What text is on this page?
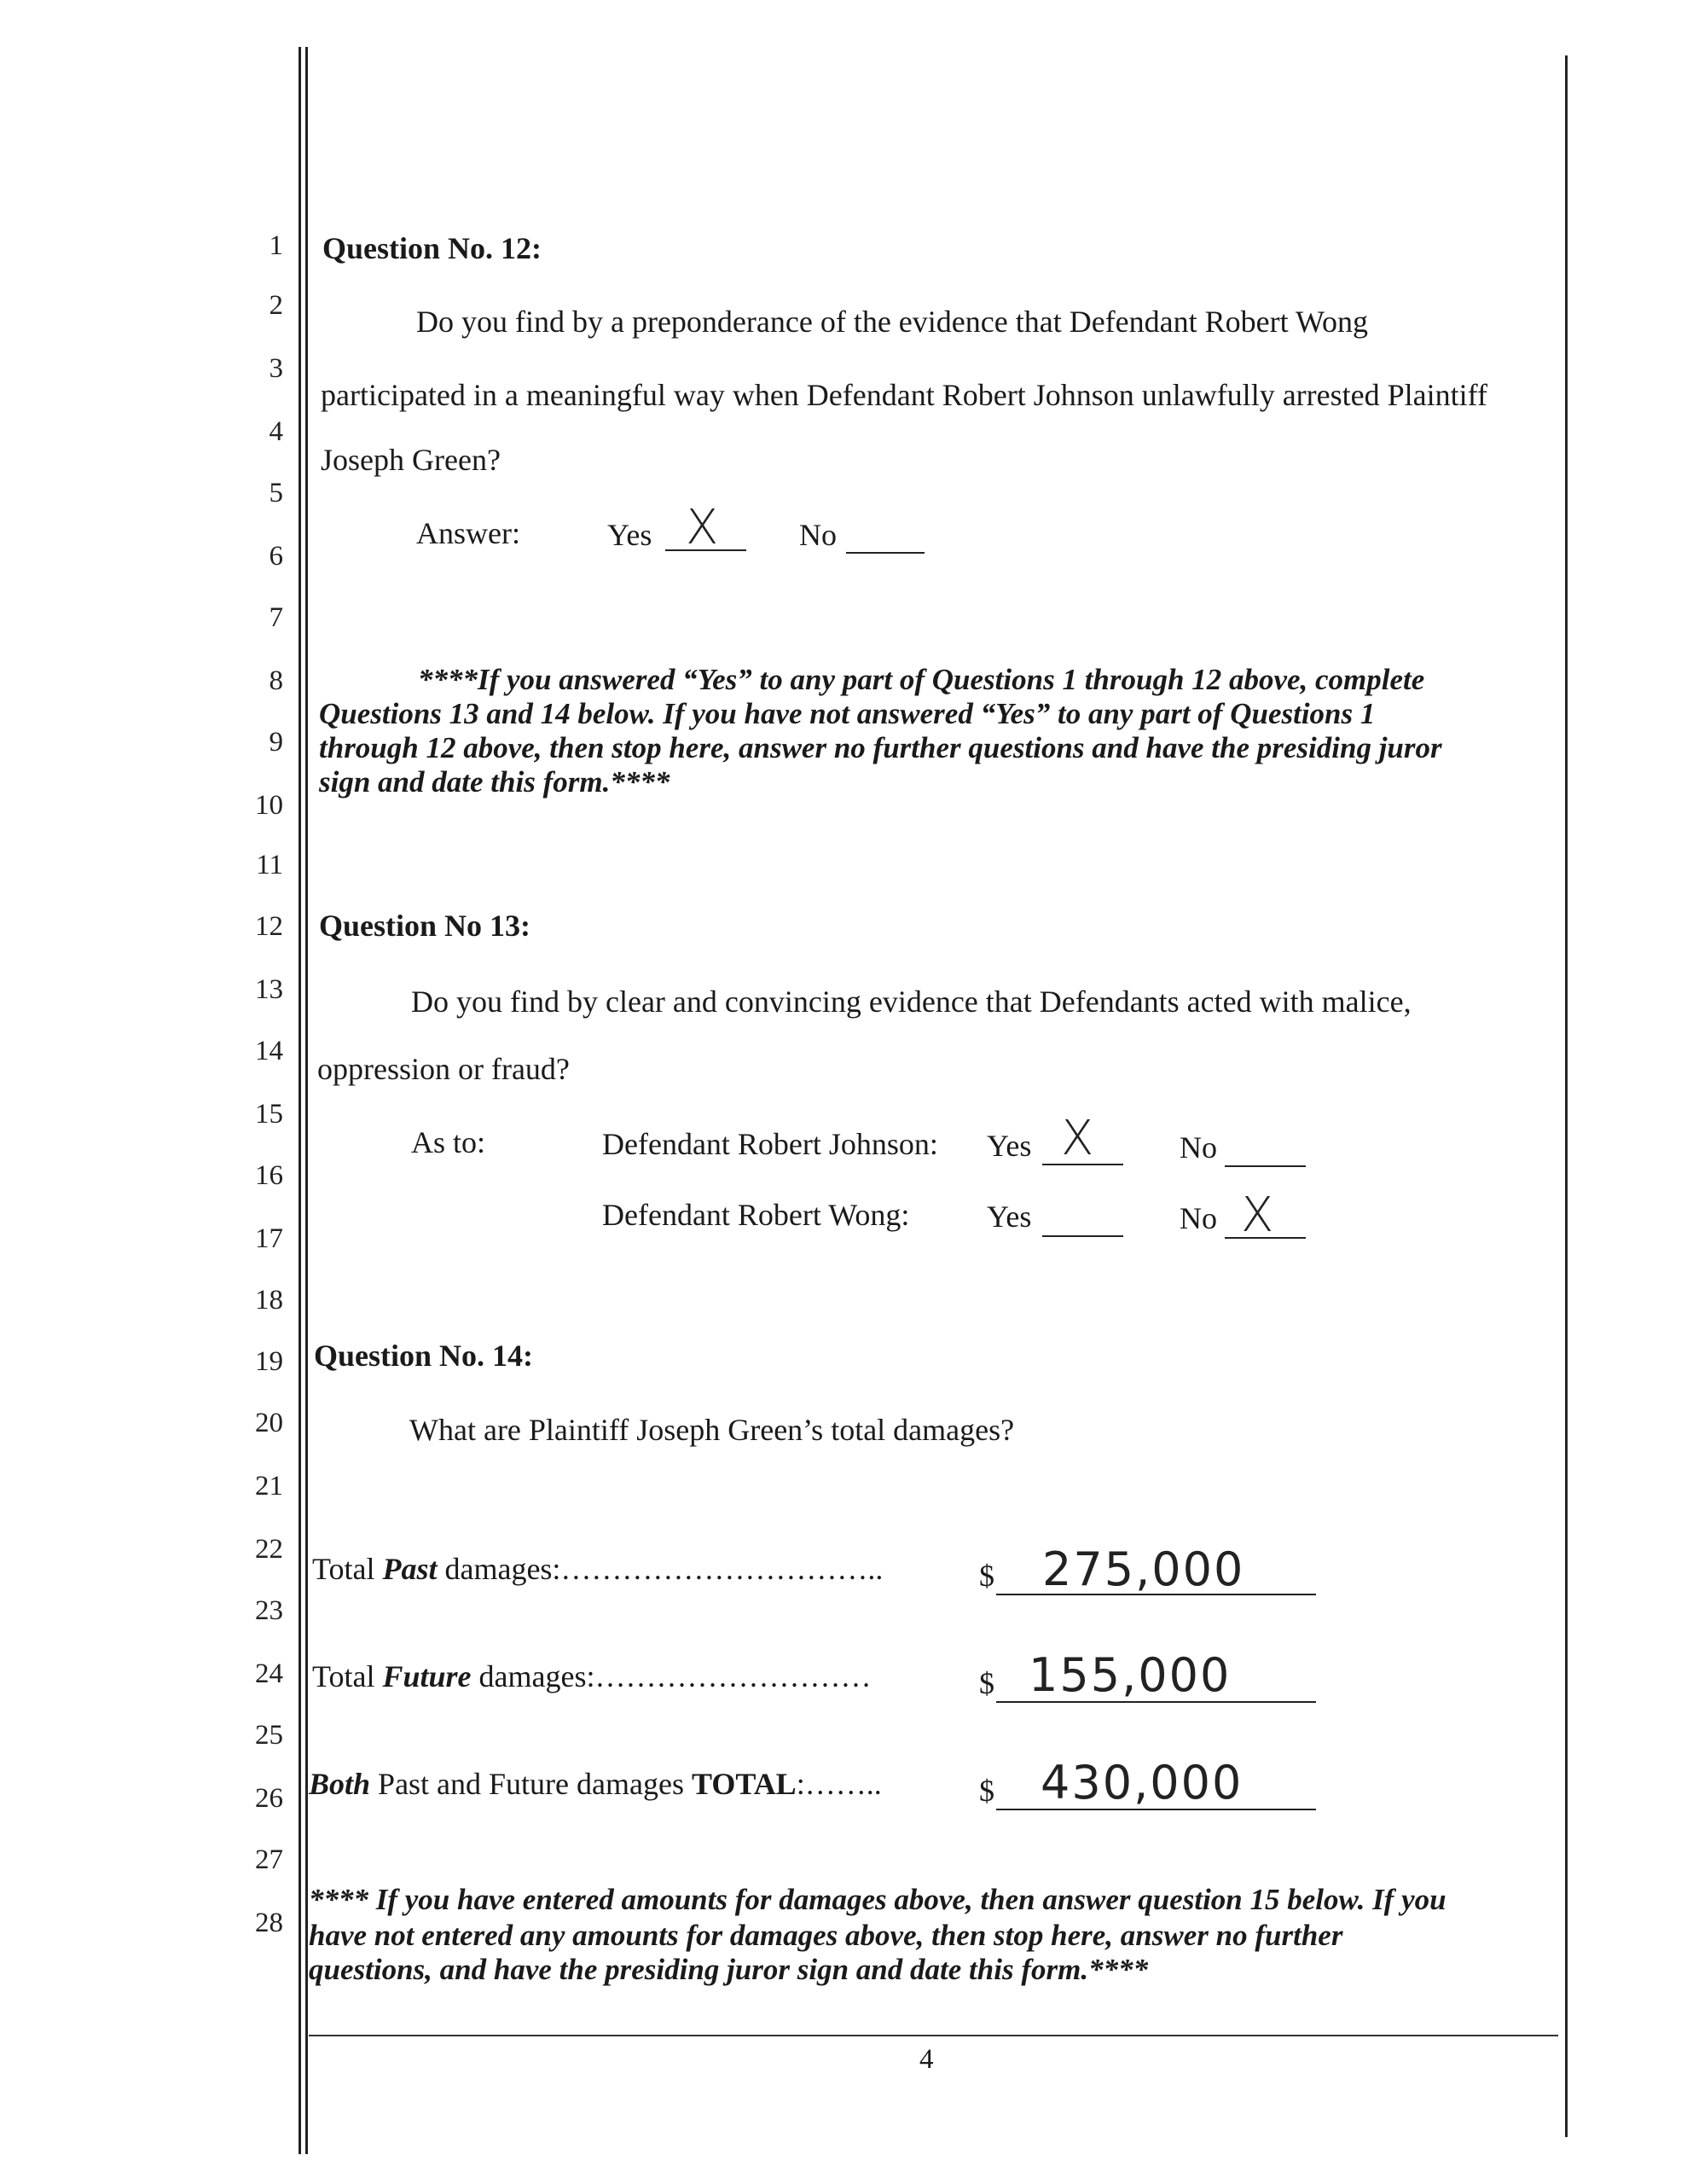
1
2
3
4
5
6
7
8
9
10
11
12
13
14
15
16
17
18
19
20
21
22
23
24
25
26
27
28
Question No. 12:
Do you find by a preponderance of the evidence that Defendant Robert Wong
participated in a meaningful way when Defendant Robert Johnson unlawfully arrested Plaintiff
Joseph Green?
Answer:	Yes X	No
****If you answered “Yes” to any part of Questions 1 through 12 above, complete
Questions 13 and 14 below. If you have not answered “Yes” to any part of Questions 1
through 12 above, then stop here, answer no further questions and have the presiding juror
sign and date this form.****
Question No 13:
Do you find by clear and convincing evidence that Defendants acted with malice,
oppression or fraud?
As to:	Defendant Robert Johnson: Yes X	No
Defendant Robert Wong:	Yes	No X
Question No. 14:
What are Plaintiff Joseph Green’s total damages?
Total Past damages:…………………………..	$ 275,000
Total Future damages:………………………	$ 155,000
Both Past and Future damages TOTAL:……..	$ 430,000
**** If you have entered amounts for damages above, then answer question 15 below. If you
have not entered any amounts for damages above, then stop here, answer no further
questions, and have the presiding juror sign and date this form.****
4
